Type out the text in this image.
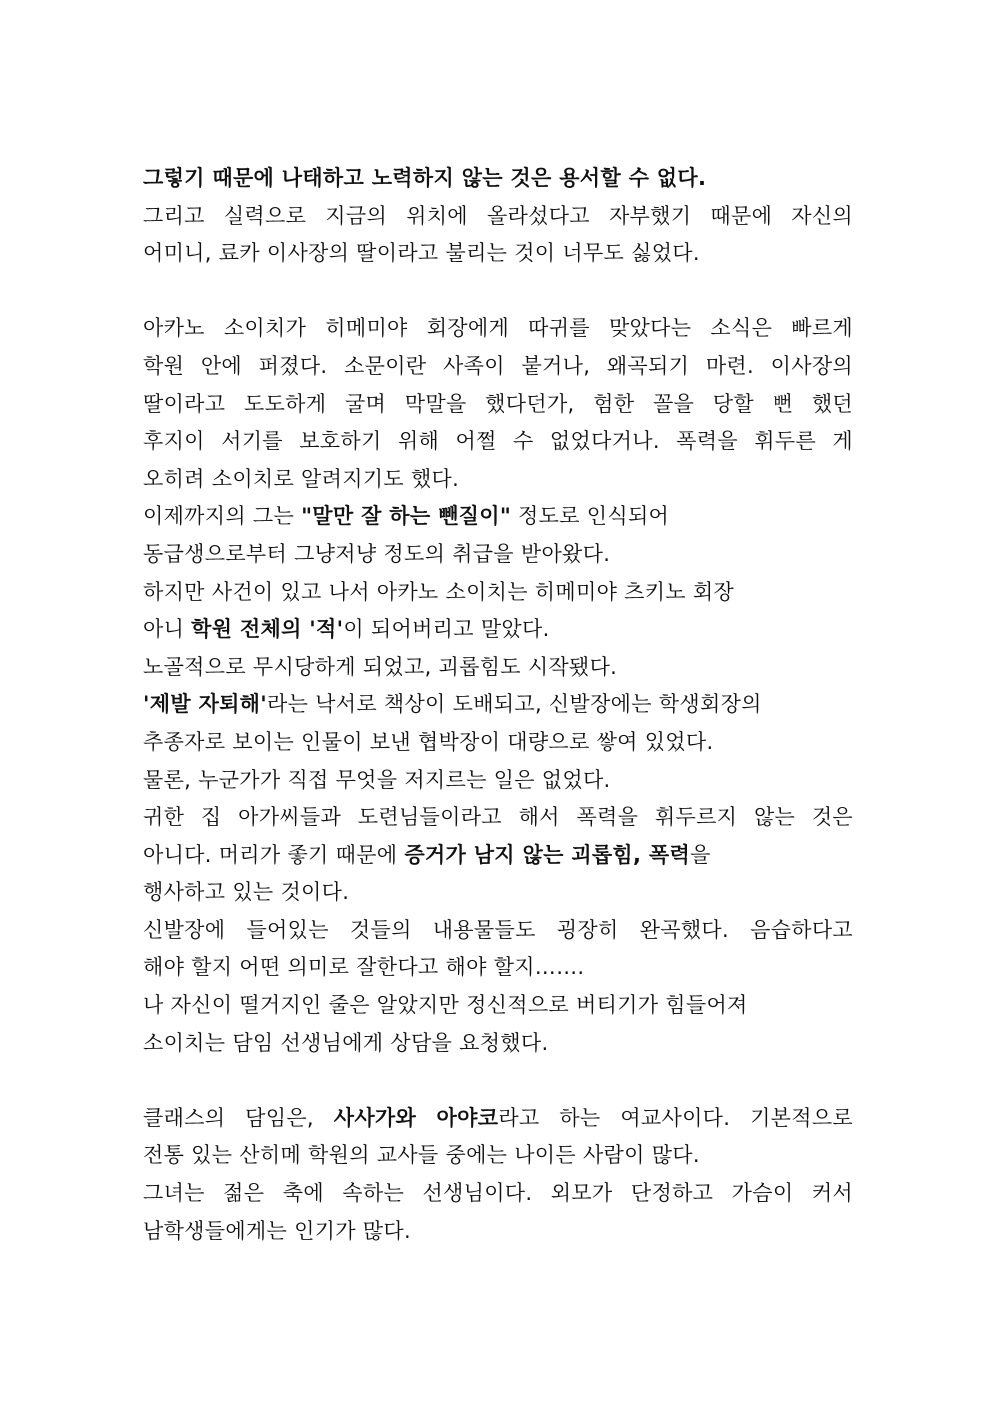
그렇기 때문에 나태하고 노력하지 않는 것은 용서할 수 없다.
그리고 실력으로 지금의 위치에 올라섰다고 자부했기 때문에 자신의
어미니, 료카 이사장의 딸이라고 불리는 것이 너무도 싫었다.
아카노 소이치가 히메미야 회장에게 따귀를 맞았다는 소식은 빠르게
학원 안에 퍼졌다. 소문이란 사족이 붙거나, 왜곡되기 마련. 이사장의
딸이라고 도도하게 굴며 막말을 했다던가, 험한 꼴을 당할 뻔 했던
후지이 서기를 보호하기 위해 어쩔 수 없었다거나. 폭력을 휘두른 게
오히려 소이치로 알려지기도 했다.
이제까지의 그는 "말만 잘 하는 뺀질이" 정도로 인식되어
동급생으로부터 그냥저냥 정도의 취급을 받아왔다.
하지만 사건이 있고 나서 아카노 소이치는 히메미야 츠키노 회장
아니 학원 전체의 '적'이 되어버리고 말았다.
노골적으로 무시당하게 되었고, 괴롭힘도 시작됐다.
'제발 자퇴해'라는 낙서로 책상이 도배되고, 신발장에는 학생회장의
추종자로 보이는 인물이 보낸 협박장이 대량으로 쌓여 있었다.
물론, 누군가가 직접 무엇을 저지르는 일은 없었다.
귀한 집 아가씨들과 도련님들이라고 해서 폭력을 휘두르지 않는 것은
아니다. 머리가 좋기 때문에 증거가 남지 않는 괴롭힘, 폭력을
행사하고 있는 것이다.
신발장에 들어있는 것들의 내용물들도 굉장히 완곡했다. 음습하다고
해야 할지 어떤 의미로 잘한다고 해야 할지…….
나 자신이 떨거지인 줄은 알았지만 정신적으로 버티기가 힘들어져
소이치는 담임 선생님에게 상담을 요청했다.
클래스의 담임은, 사사가와 아야코라고 하는 여교사이다. 기본적으로
전통 있는 산히메 학원의 교사들 중에는 나이든 사람이 많다.
그녀는 젊은 축에 속하는 선생님이다. 외모가 단정하고 가슴이 커서
남학생들에게는 인기가 많다.
